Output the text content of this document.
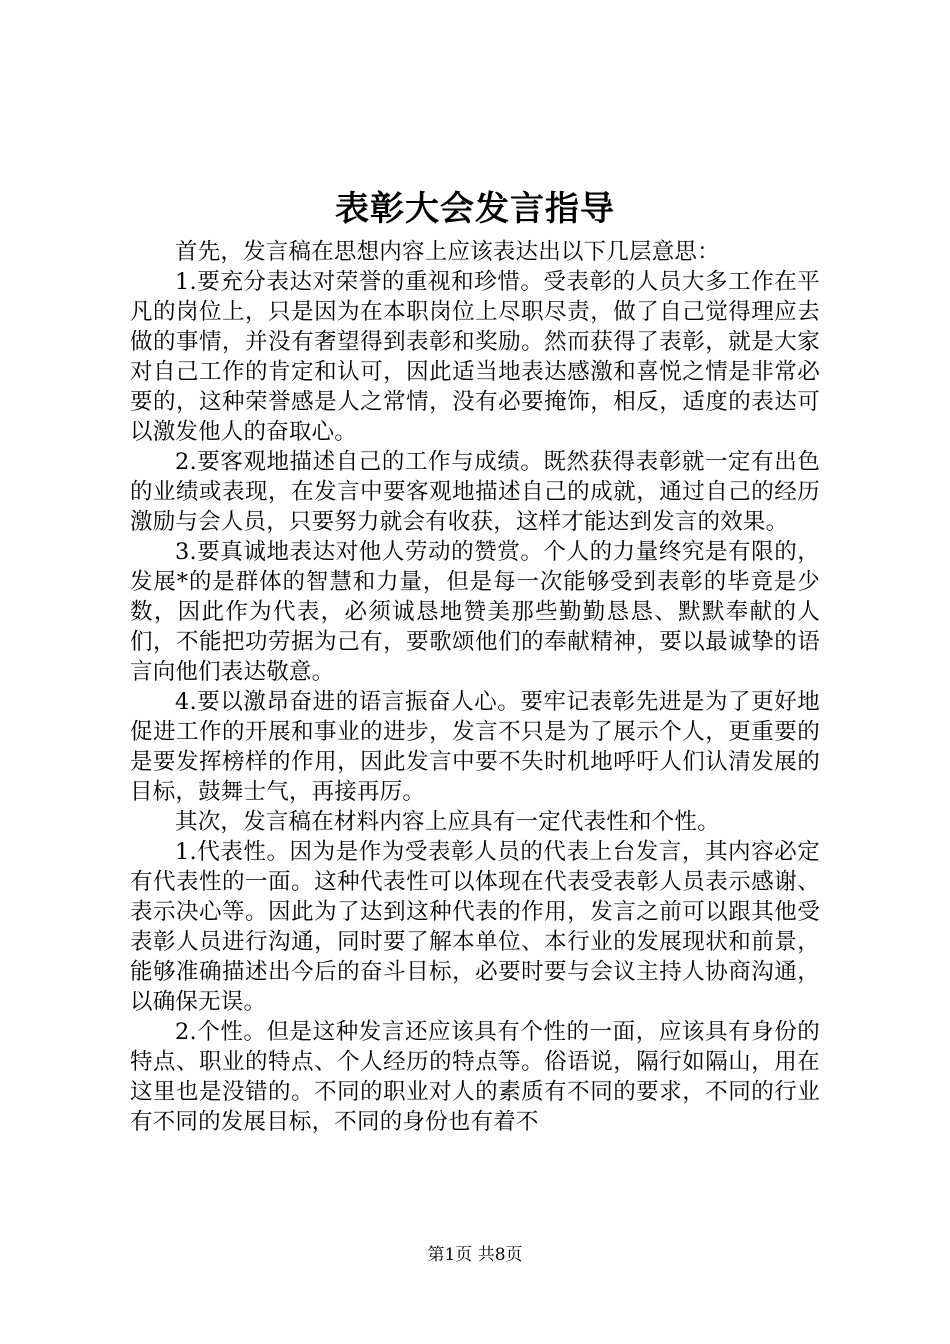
表彰大会发言指导

首先，发言稿在思想内容上应该表达出以下几层意思：

1.要充分表达对荣誉的重视和珍惜。受表彰的人员大多工作在平凡的岗位上，只是因为在本职岗位上尽职尽责，做了自己觉得理应去做的事情，并没有奢望得到表彰和奖励。然而获得了表彰，就是大家对自己工作的肯定和认可，因此适当地表达感激和喜悦之情是非常必要的，这种荣誉感是人之常情，没有必要掩饰，相反，适度的表达可以激发他人的奋取心。

2.要客观地描述自己的工作与成绩。既然获得表彰就一定有出色的业绩或表现，在发言中要客观地描述自己的成就，通过自己的经历激励与会人员，只要努力就会有收获，这样才能达到发言的效果。

3.要真诚地表达对他人劳动的赞赏。个人的力量终究是有限的，发展*的是群体的智慧和力量，但是每一次能够受到表彰的毕竟是少数，因此作为代表，必须诚恳地赞美那些勤勤恳恳、默默奉献的人们，不能把功劳据为己有，要歌颂他们的奉献精神，要以最诚挚的语言向他们表达敬意。

4.要以激昂奋进的语言振奋人心。要牢记表彰先进是为了更好地促进工作的开展和事业的进步，发言不只是为了展示个人，更重要的是要发挥榜样的作用，因此发言中要不失时机地呼吁人们认清发展的目标，鼓舞士气，再接再厉。

其次，发言稿在材料内容上应具有一定代表性和个性。

1.代表性。因为是作为受表彰人员的代表上台发言，其内容必定有代表性的一面。这种代表性可以体现在代表受表彰人员表示感谢、表示决心等。因此为了达到这种代表的作用，发言之前可以跟其他受表彰人员进行沟通，同时要了解本单位、本行业的发展现状和前景，能够准确描述出今后的奋斗目标，必要时要与会议主持人协商沟通，以确保无误。

2.个性。但是这种发言还应该具有个性的一面，应该具有身份的特点、职业的特点、个人经历的特点等。俗语说，隔行如隔山，用在这里也是没错的。不同的职业对人的素质有不同的要求，不同的行业有不同的发展目标，不同的身份也有着不

第1页 共8页
